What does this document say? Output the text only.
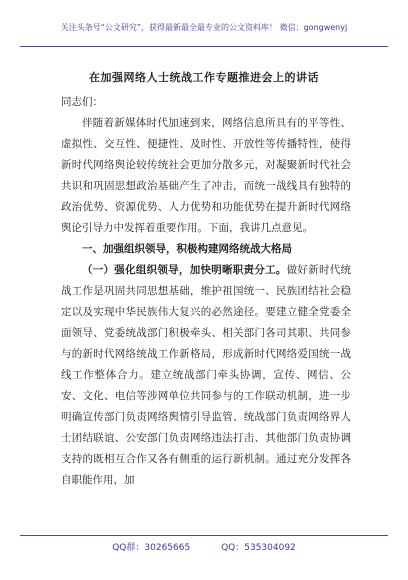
关注头条号“公文研究”，获得最新最全最专业的公文资料库！ 微信：gongwenyj
在加强网络人士统战工作专题推进会上的讲话

同志们：

伴随着新媒体时代加速到来，网络信息所具有的平等性、虚拟性、交互性、便捷性、及时性、开放性等传播特性，使得新时代网络舆论较传统社会更加分散多元，对凝聚新时代社会共识和巩固思想政治基础产生了冲击，而统一战线具有独特的政治优势、资源优势、人力优势和功能优势在提升新时代网络舆论引导力中发挥着重要作用。下面，我讲几点意见。

一、加强组织领导，积极构建网络统战大格局

（一）强化组织领导，加快明晰职责分工。做好新时代统战工作是巩固共同思想基础，维护祖国统一、民族团结社会稳定以及实现中华民族伟大复兴的必然途径。要建立健全党委全面领导、党委统战部门积极牵头、相关部门各司其职、共同参与的新时代网络统战工作新格局，形成新时代网络爱国统一战线工作整体合力。建立统战部门牵头协调，宣传、网信、公安、文化、电信等涉网单位共同参与的工作联动机制，进一步明确宣传部门负责网络舆情引导监管、统战部门负责网络界人士团结联谊、公安部门负责网络违法打击、其他部门负责协调支持的既相互合作又各有侧重的运行新机制。通过充分发挥各自职能作用，加

QQ群：30265665	QQ：535304092
